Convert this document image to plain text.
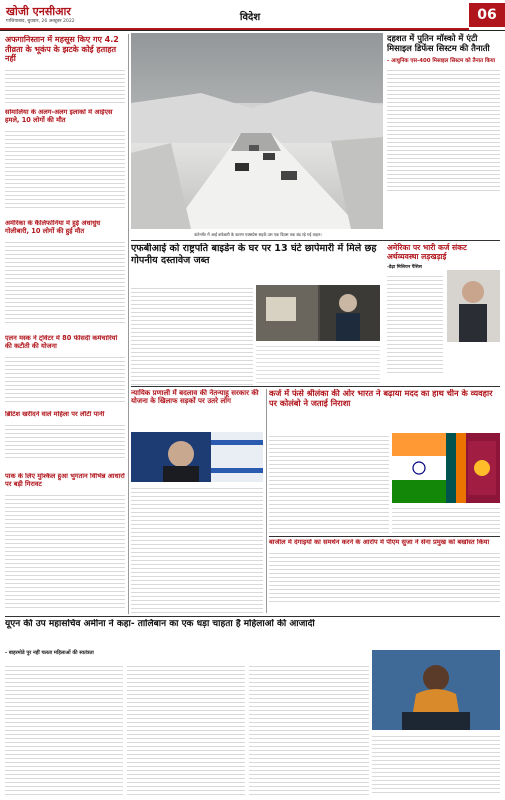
खोजी एनसीआर
गाजियाबाद, बुधवार, 26 अक्टूबर 2022	विदेश	06
अफगानिस्तान में महसूस किए गए 4.2 तीव्रता के भूकंप के झटके कोई हताहत नहीं
सोमालिया के अलग-अलग इलाकों में आईएस हमले, 10 लोगों की मौत
अमेरिका के कैलिफोर्निया में हुई अंधाधुंध गोलीबारी, 10 लोगों की हुई मौत
एलन मस्क ने ट्विटर में 80 फीसदी कर्मचारियों की कटौती की योजना
ब्रिटिश खरीदने वाले महिला पर लौटी पानी
पाक के लिए मुश्किल हुआ भुगतान विभिन्न आधारों पर बड़ी गिरावट
कंटेनमेंट में आई बर्फबारी के कारण एक्सप्रेस सड़कें उस एक दिवस तक बंद रहे गई वाहन।
दहशत में पुतिन मॉस्को में एंटी मिसाइल डिफेंस सिस्टम की तैनाती
- आधुनिक एस-400 मिसाइल सिस्टम को तैनात किया
एफबीआई को राष्ट्रपति बाइडेन के घर पर 13 घंटे छापेमारी में मिले छह गोपनीय दस्तावेज जब्त
अमेरिका पर भारी कर्ज संकट अर्थव्यवस्था लड़खड़ाई
-डेढ़ा मिलियन पैसिस
न्यायिक प्रणाली में बदलाव की नेतन्याहू सरकार की योजना के खिलाफ सड़कों पर उतरे लोग
कर्ज में फंसे श्रीलंका की ओर भारत ने बढ़ाया मदद का हाथ चीन के व्यवहार पर कोलंबो ने जताई निराशा
बाजील में दंगाइयों का समर्थन करने के आरोप में पीएम सुजा ने सेना प्रमुख को बर्खास्त किया
यूएन की उप महासचिव अमीना ने कहा- तालिबान का एक धड़ा चाहता है महिलाओं की आजादी
- बाहरमोडे पुर नहीं चलता महिलाओं की स्वतंत्रता
